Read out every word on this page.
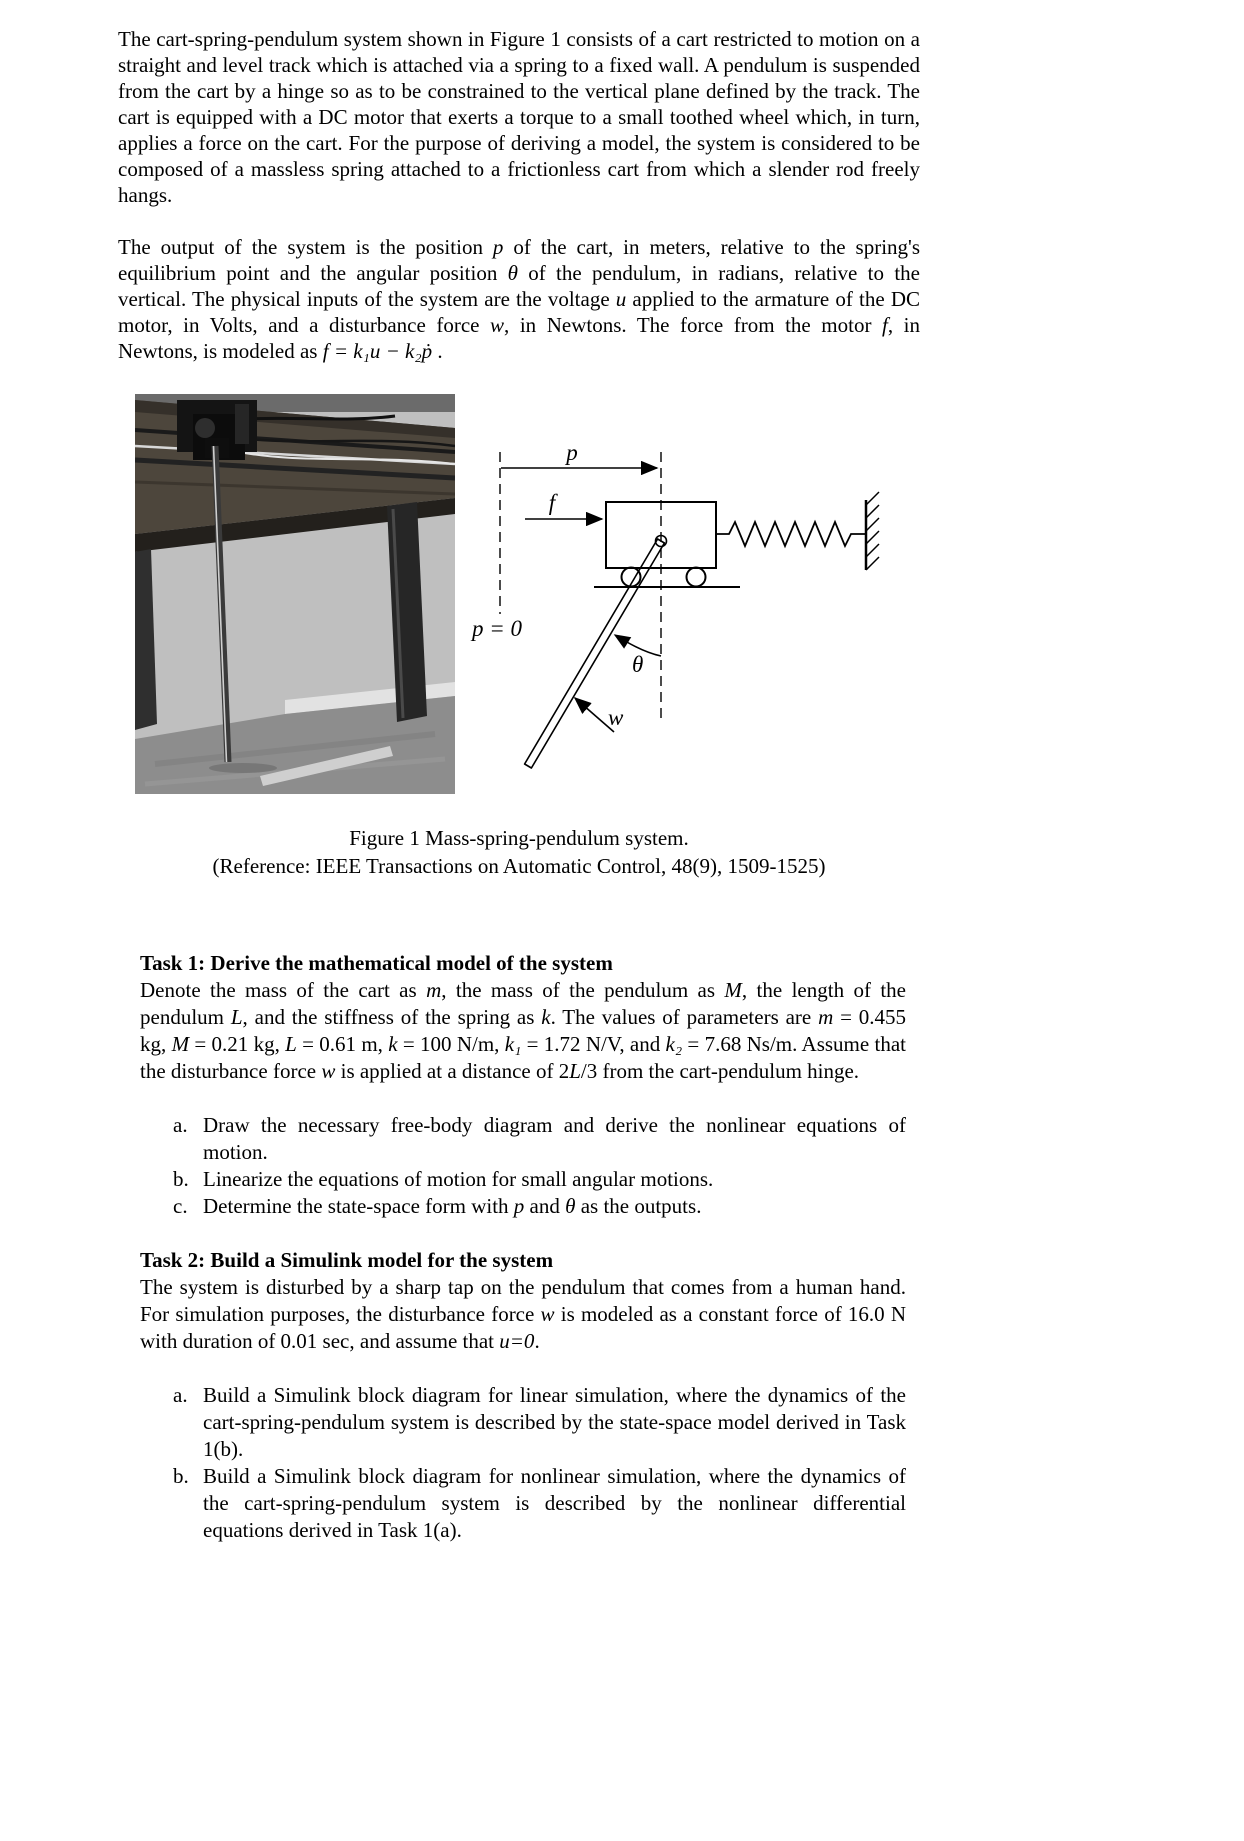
The cart-spring-pendulum system shown in Figure 1 consists of a cart restricted to motion on a straight and level track which is attached via a spring to a fixed wall. A pendulum is suspended from the cart by a hinge so as to be constrained to the vertical plane defined by the track. The cart is equipped with a DC motor that exerts a torque to a small toothed wheel which, in turn, applies a force on the cart. For the purpose of deriving a model, the system is considered to be composed of a massless spring attached to a frictionless cart from which a slender rod freely hangs.

The output of the system is the position p of the cart, in meters, relative to the spring's equilibrium point and the angular position θ of the pendulum, in radians, relative to the vertical. The physical inputs of the system are the voltage u applied to the armature of the DC motor, in Volts, and a disturbance force w, in Newtons. The force from the motor f, in Newtons, is modeled as f = k₁u − k₂ṗ .

p
f
p = 0
θ
w
Figure 1 Mass-spring-pendulum system.
(Reference: IEEE Transactions on Automatic Control, 48(9), 1509-1525)

Task 1: Derive the mathematical model of the system

Denote the mass of the cart as m, the mass of the pendulum as M, the length of the pendulum L, and the stiffness of the spring as k. The values of parameters are m = 0.455 kg, M = 0.21 kg, L = 0.61 m, k = 100 N/m, k₁ = 1.72 N/V, and k₂ = 7.68 Ns/m. Assume that the disturbance force w is applied at a distance of 2L/3 from the cart-pendulum hinge.

a. Draw the necessary free-body diagram and derive the nonlinear equations of motion.
b. Linearize the equations of motion for small angular motions.
c. Determine the state-space form with p and θ as the outputs.

Task 2: Build a Simulink model for the system

The system is disturbed by a sharp tap on the pendulum that comes from a human hand. For simulation purposes, the disturbance force w is modeled as a constant force of 16.0 N with duration of 0.01 sec, and assume that u=0.

a. Build a Simulink block diagram for linear simulation, where the dynamics of the cart-spring-pendulum system is described by the state-space model derived in Task 1(b).
b. Build a Simulink block diagram for nonlinear simulation, where the dynamics of the cart-spring-pendulum system is described by the nonlinear differential equations derived in Task 1(a).
